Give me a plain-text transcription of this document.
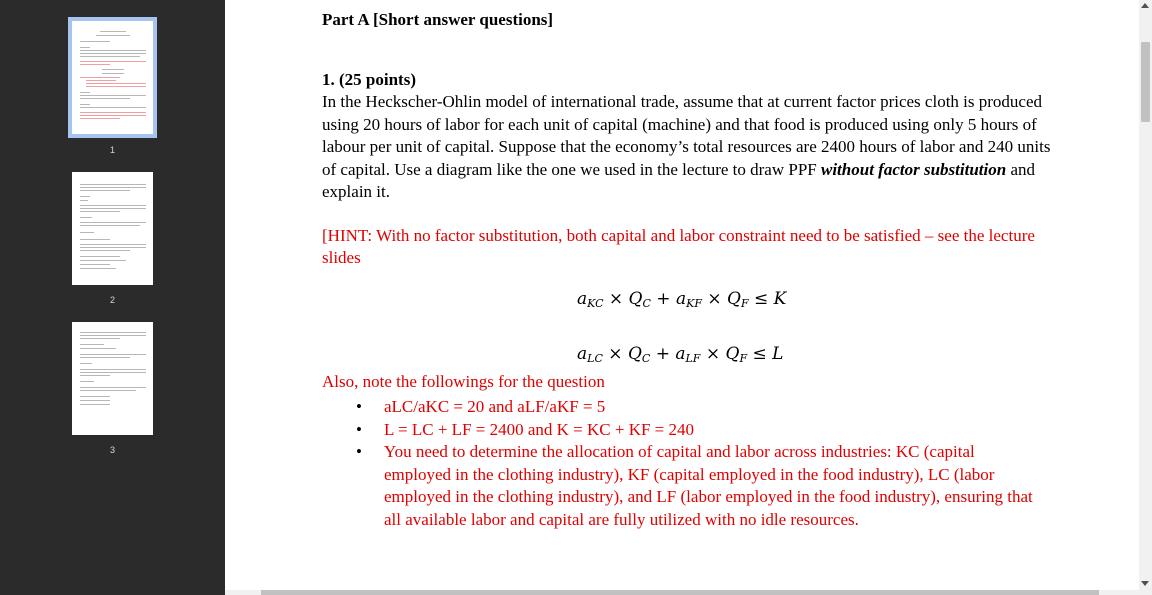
1
2
3
Part A [Short answer questions]
1. (25 points)
In the Heckscher-Ohlin model of international trade, assume that at current factor prices cloth is produced using 20 hours of labor for each unit of capital (machine) and that food is produced using only 5 hours of labour per unit of capital. Suppose that the economy’s total resources are 2400 hours of labor and 240 units of capital. Use a diagram like the one we used in the lecture to draw PPF without factor substitution and explain it.
[HINT: With no factor substitution, both capital and labor constraint need to be satisfied – see the lecture slides
$a_{KC} \times Q_C + a_{KF} \times Q_F \le K$
$a_{LC} \times Q_C + a_{LF} \times Q_F \le L$
Also, note the followings for the question
• aLC/aKC = 20 and aLF/aKF = 5
• L = LC + LF = 2400 and K = KC + KF = 240
• You need to determine the allocation of capital and labor across industries: KC (capital employed in the clothing industry), KF (capital employed in the food industry), LC (labor employed in the clothing industry), and LF (labor employed in the food industry), ensuring that all available labor and capital are fully utilized with no idle resources.
